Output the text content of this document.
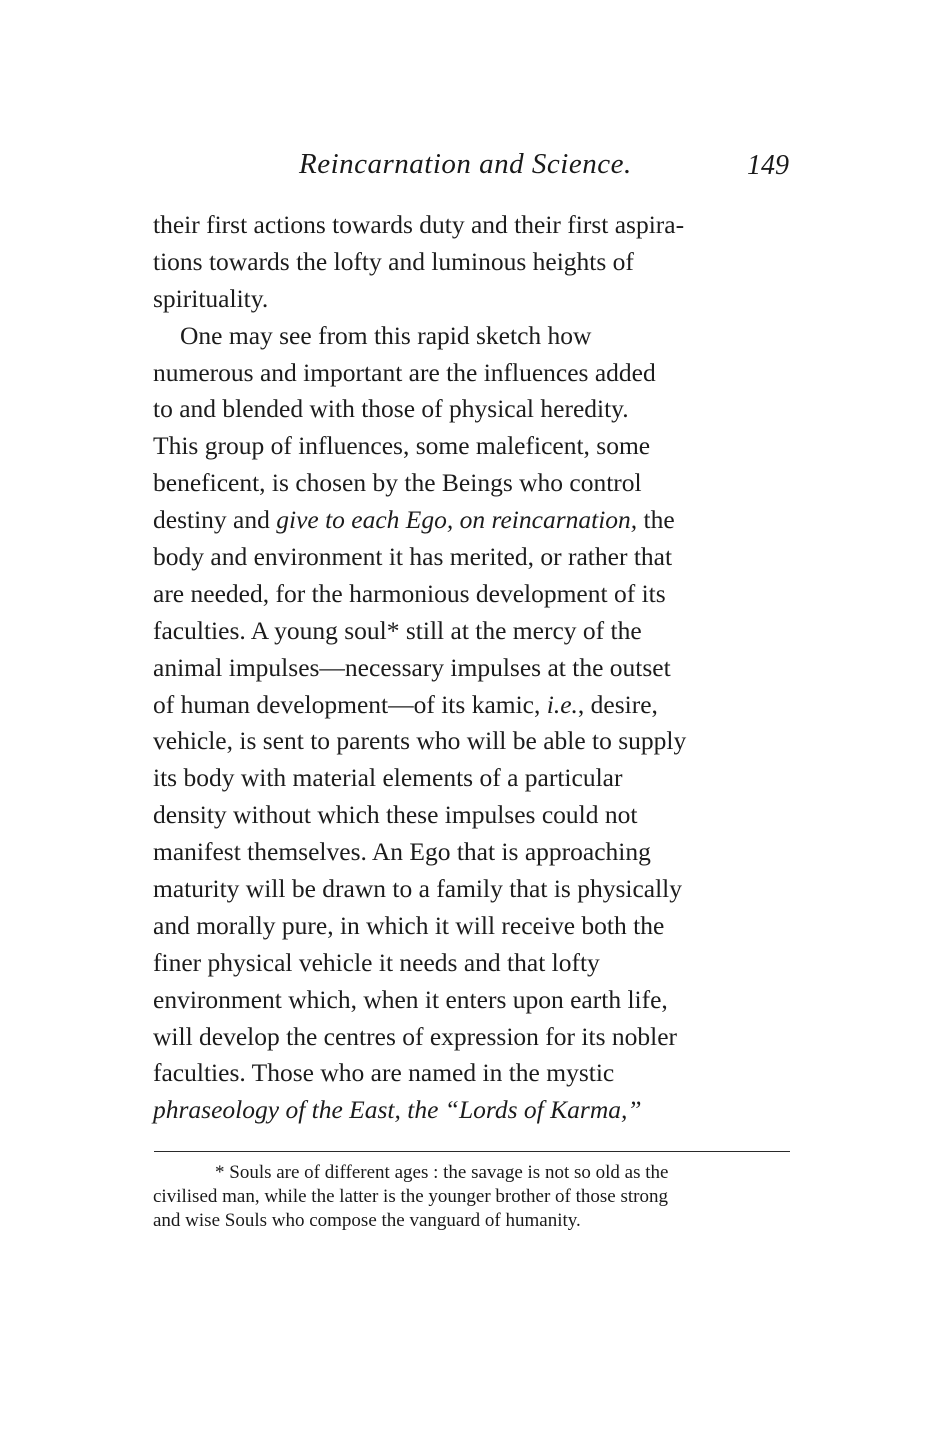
Reincarnation and Science.	149
their first actions towards duty and their first aspira-
tions towards the lofty and luminous heights of
spirituality.
One may see from this rapid sketch how
numerous and important are the influences added
to and blended with those of physical heredity.
This group of influences, some maleficent, some
beneficent, is chosen by the Beings who control
destiny and give to each Ego, on reincarnation, the
body and environment it has merited, or rather that
are needed, for the harmonious development of its
faculties. A young soul* still at the mercy of the
animal impulses—necessary impulses at the outset
of human development—of its kamic, i.e., desire,
vehicle, is sent to parents who will be able to supply
its body with material elements of a particular
density without which these impulses could not
manifest themselves. An Ego that is approaching
maturity will be drawn to a family that is physically
and morally pure, in which it will receive both the
finer physical vehicle it needs and that lofty
environment which, when it enters upon earth life,
will develop the centres of expression for its nobler
faculties. Those who are named in the mystic
phraseology of the East, the “Lords of Karma,”
* Souls are of different ages : the savage is not so old as the
civilised man, while the latter is the younger brother of those strong
and wise Souls who compose the vanguard of humanity.
